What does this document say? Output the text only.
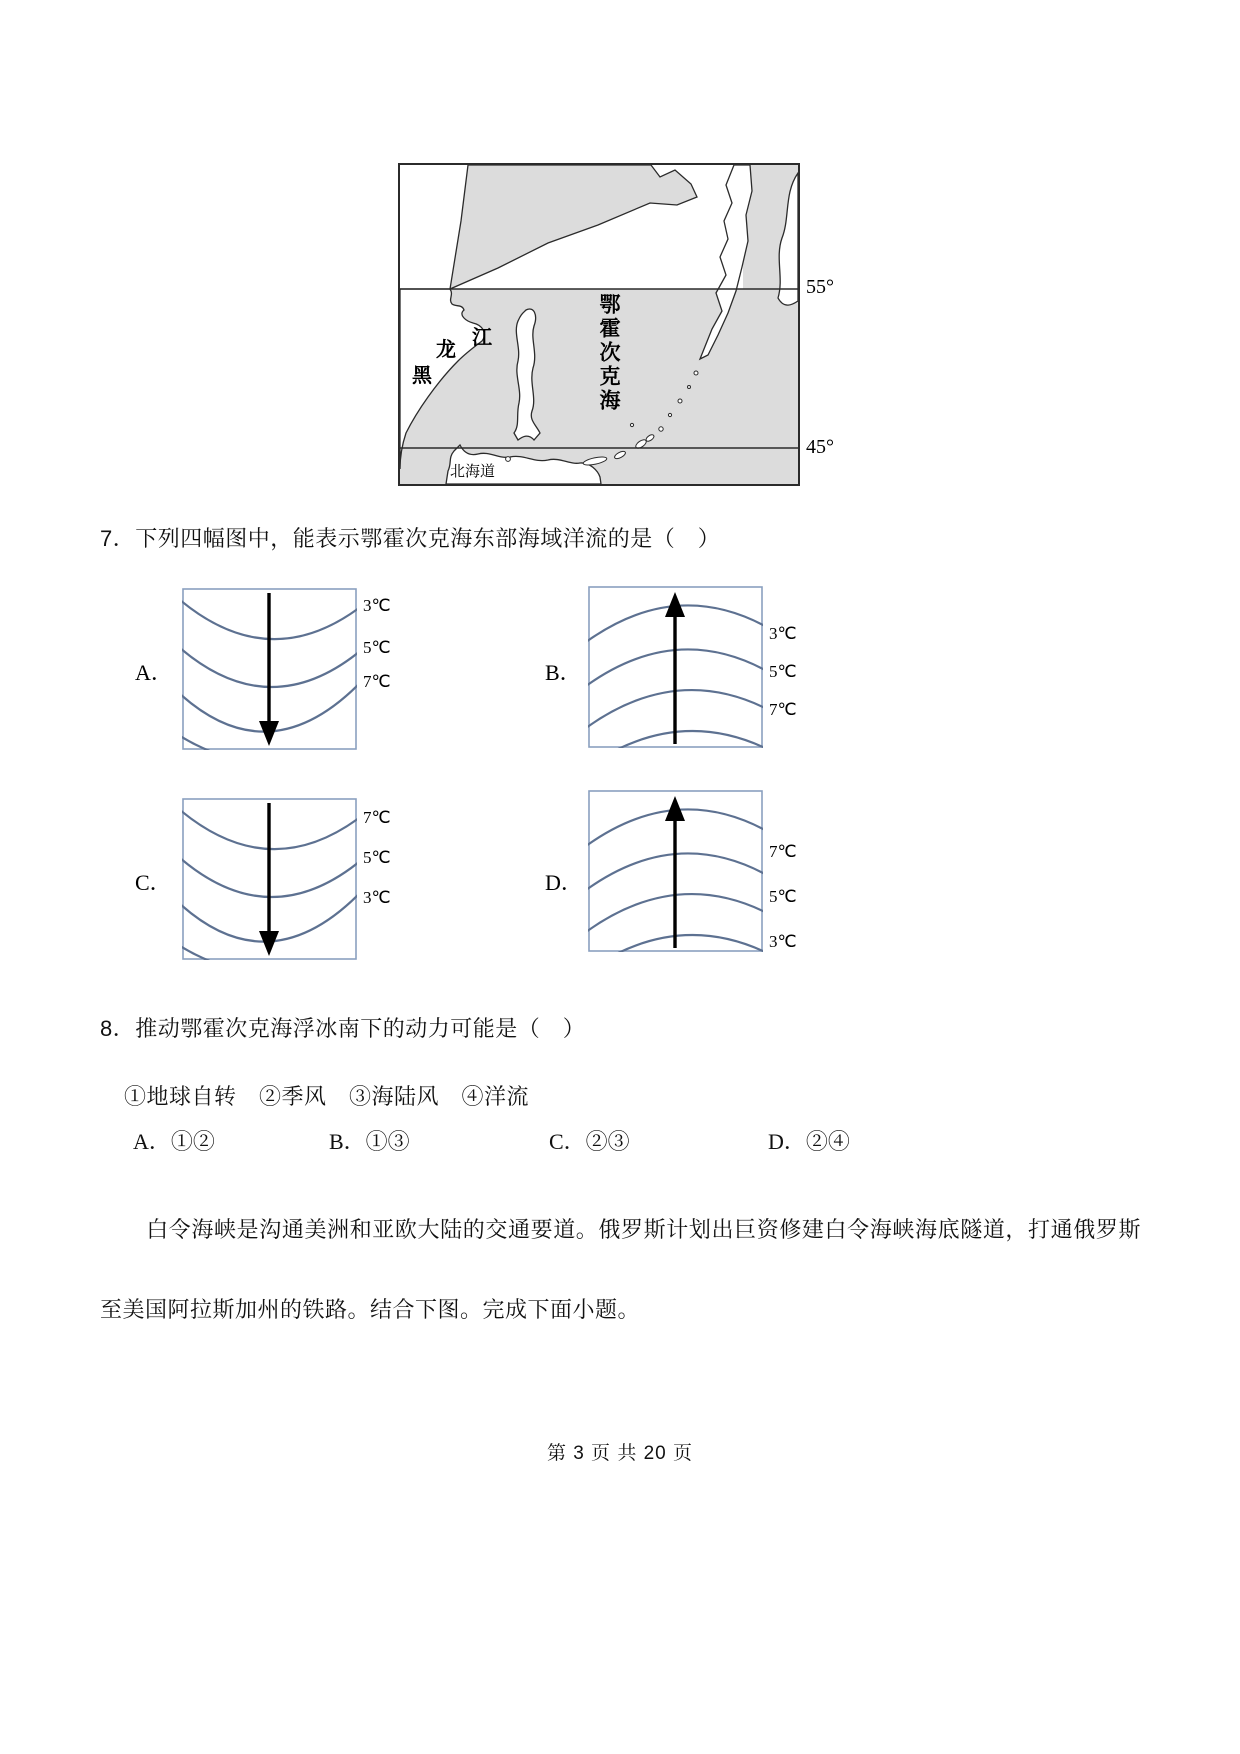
鄂霍次克海
黑
龙
江
北海道
55°
45°
7．下列四幅图中，能表示鄂霍次克海东部海域洋流的是（　）
A．	B．
C．	D．
3℃
5℃
7℃
3℃
5℃
7℃
7℃
5℃
3℃
7℃
5℃
3℃
8．推动鄂霍次克海浮冰南下的动力可能是（　）
①地球自转　②季风　③海陆风　④洋流
A．①②	B．①③	C．②③	D．②④
白令海峡是沟通美洲和亚欧大陆的交通要道。俄罗斯计划出巨资修建白令海峡海底隧道，打通俄罗斯至美国阿拉斯加州的铁路。结合下图。完成下面小题。
第 3 页 共 20 页
